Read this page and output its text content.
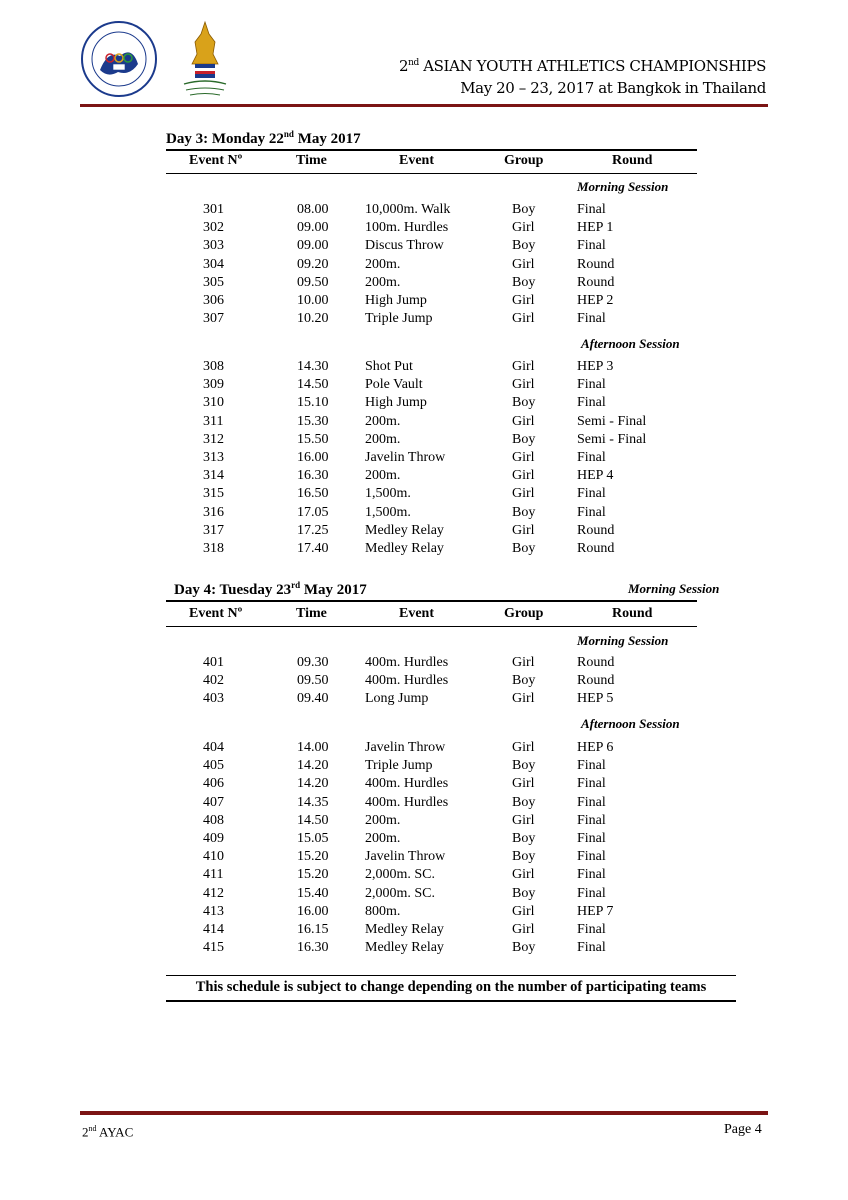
2nd ASIAN YOUTH ATHLETICS CHAMPIONSHIPS
May 20 – 23, 2017 at Bangkok in Thailand
Day 3: Monday 22nd May 2017
Event Nº	Time	Event	Group	Round
Morning Session
301	08.00	10,000m. Walk	Boy	Final
302	09.00	100m. Hurdles	Girl	HEP 1
303	09.00	Discus Throw	Boy	Final
304	09.20	200m.	Girl	Round
305	09.50	200m.	Boy	Round
306	10.00	High Jump	Girl	HEP 2
307	10.20	Triple Jump	Girl	Final
Afternoon Session
308	14.30	Shot Put	Girl	HEP 3
309	14.50	Pole Vault	Girl	Final
310	15.10	High Jump	Boy	Final
311	15.30	200m.	Girl	Semi - Final
312	15.50	200m.	Boy	Semi - Final
313	16.00	Javelin Throw	Girl	Final
314	16.30	200m.	Girl	HEP 4
315	16.50	1,500m.	Girl	Final
316	17.05	1,500m.	Boy	Final
317	17.25	Medley Relay	Girl	Round
318	17.40	Medley Relay	Boy	Round
Day 4: Tuesday 23rd May 2017	Morning Session
Event Nº	Time	Event	Group	Round
Morning Session
401	09.30	400m. Hurdles	Girl	Round
402	09.50	400m. Hurdles	Boy	Round
403	09.40	Long Jump	Girl	HEP 5
Afternoon Session
404	14.00	Javelin Throw	Girl	HEP 6
405	14.20	Triple Jump	Boy	Final
406	14.20	400m. Hurdles	Girl	Final
407	14.35	400m. Hurdles	Boy	Final
408	14.50	200m.	Girl	Final
409	15.05	200m.	Boy	Final
410	15.20	Javelin Throw	Boy	Final
411	15.20	2,000m. SC.	Girl	Final
412	15.40	2,000m. SC.	Boy	Final
413	16.00	800m.	Girl	HEP 7
414	16.15	Medley Relay	Girl	Final
415	16.30	Medley Relay	Boy	Final
This schedule is subject to change depending on the number of participating teams
2nd AYAC	Page 4
